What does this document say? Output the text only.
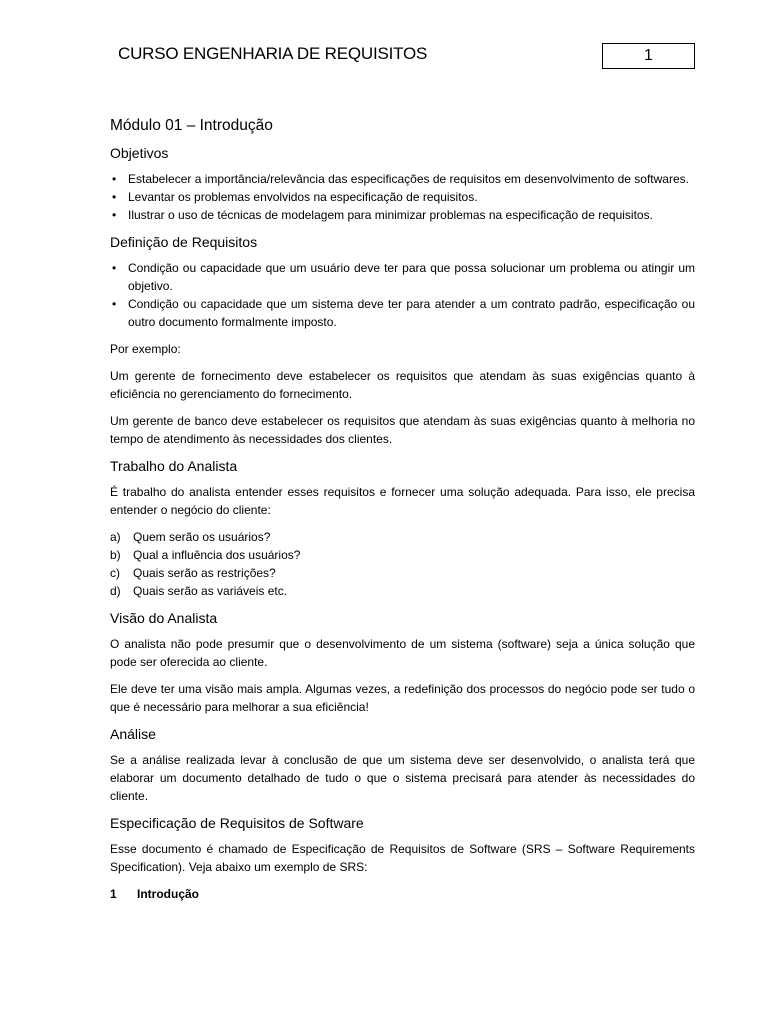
CURSO ENGENHARIA DE REQUISITOS	1
Módulo 01 – Introdução
Objetivos
• Estabelecer a importância/relevância das especificações de requisitos em desenvolvimento de softwares.
• Levantar os problemas envolvidos na especificação de requisitos.
• Ilustrar o uso de técnicas de modelagem para minimizar problemas na especificação de requisitos.
Definição de Requisitos
• Condição ou capacidade que um usuário deve ter para que possa solucionar um problema ou atingir um objetivo.
• Condição ou capacidade que um sistema deve ter para atender a um contrato padrão, especificação ou outro documento formalmente imposto.

Por exemplo:

Um gerente de fornecimento deve estabelecer os requisitos que atendam às suas exigências quanto à eficiência no gerenciamento do fornecimento.

Um gerente de banco deve estabelecer os requisitos que atendam às suas exigências quanto à melhoria no tempo de atendimento às necessidades dos clientes.

Trabalho do Analista

É trabalho do analista entender esses requisitos e fornecer uma solução adequada. Para isso, ele precisa entender o negócio do cliente:

a)	Quem serão os usuários?
b)	Qual a influência dos usuários?
c)	Quais serão as restrições?
d)	Quais serão as variáveis etc.
Visão do Analista

O analista não pode presumir que o desenvolvimento de um sistema (software) seja a única solução que pode ser oferecida ao cliente.

Ele deve ter uma visão mais ampla. Algumas vezes, a redefinição dos processos do negócio pode ser tudo o que é necessário para melhorar a sua eficiência!

Análise

Se a análise realizada levar à conclusão de que um sistema deve ser desenvolvido, o analista terá que elaborar um documento detalhado de tudo o que o sistema precisará para atender às necessidades do cliente.

Especificação de Requisitos de Software

Esse documento é chamado de Especificação de Requisitos de Software (SRS – Software Requirements Specification). Veja abaixo um exemplo de SRS:

1	Introdução
